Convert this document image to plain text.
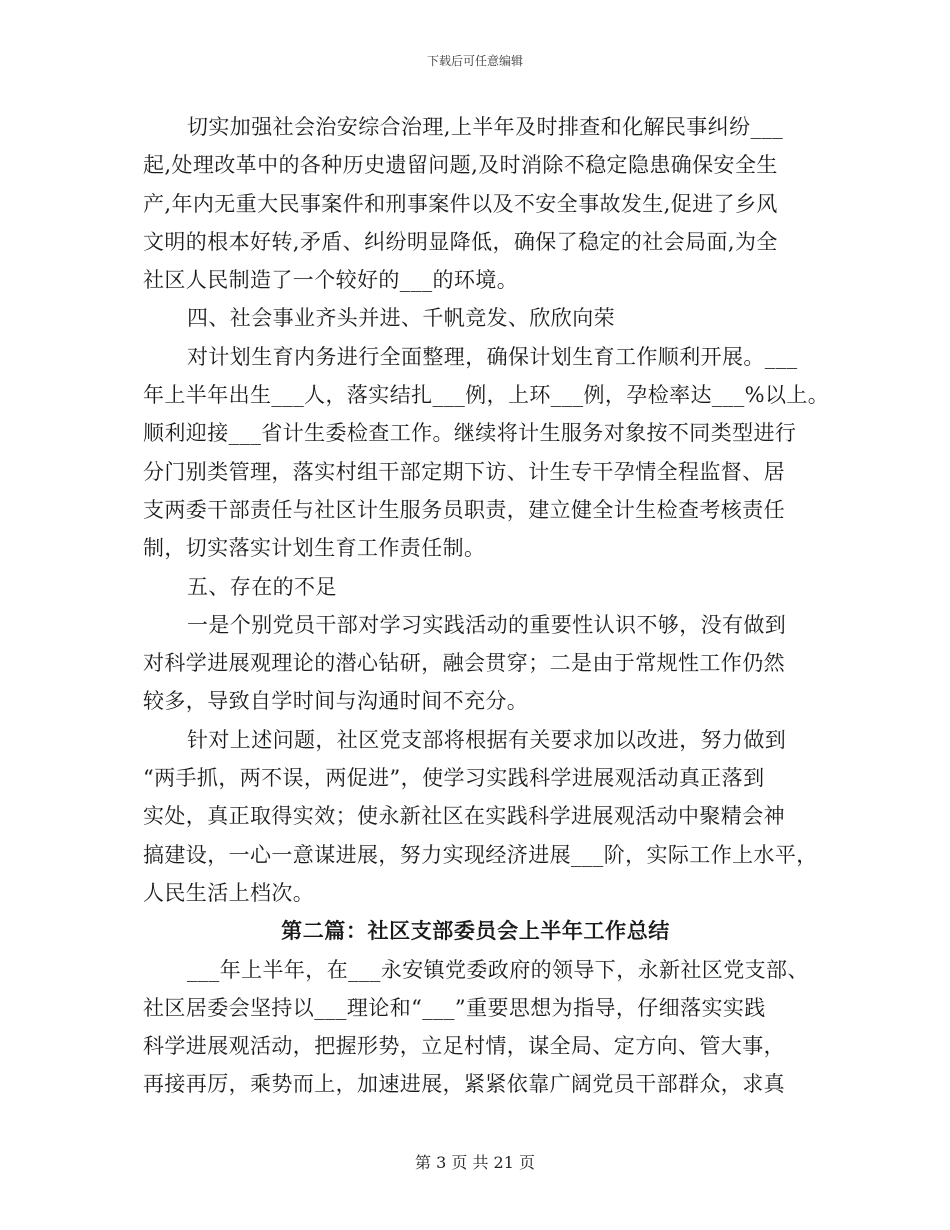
下载后可任意编辑
切实加强社会治安综合治理,上半年及时排查和化解民事纠纷___
起,处理改革中的各种历史遗留问题,及时消除不稳定隐患确保安全生
产,年内无重大民事案件和刑事案件以及不安全事故发生,促进了乡风
文明的根本好转,矛盾、纠纷明显降低，确保了稳定的社会局面,为全
社区人民制造了一个较好的___的环境。
四、社会事业齐头并进、千帆竞发、欣欣向荣
对计划生育内务进行全面整理，确保计划生育工作顺利开展。___
年上半年出生___人，落实结扎___例，上环___例，孕检率达___%以上。
顺利迎接___省计生委检查工作。继续将计生服务对象按不同类型进行
分门别类管理，落实村组干部定期下访、计生专干孕情全程监督、居
支两委干部责任与社区计生服务员职责，建立健全计生检查考核责任
制，切实落实计划生育工作责任制。
五、存在的不足
一是个别党员干部对学习实践活动的重要性认识不够，没有做到
对科学进展观理论的潜心钻研，融会贯穿；二是由于常规性工作仍然
较多，导致自学时间与沟通时间不充分。
针对上述问题，社区党支部将根据有关要求加以改进，努力做到
“两手抓，两不误，两促进”，使学习实践科学进展观活动真正落到
实处，真正取得实效；使永新社区在实践科学进展观活动中聚精会神
搞建设，一心一意谋进展，努力实现经济进展___阶，实际工作上水平，
人民生活上档次。
第二篇：社区支部委员会上半年工作总结
___年上半年，在___永安镇党委政府的领导下，永新社区党支部、
社区居委会坚持以___理论和“___”重要思想为指导，仔细落实实践
科学进展观活动，把握形势，立足村情，谋全局、定方向、管大事，
再接再厉，乘势而上，加速进展，紧紧依靠广阔党员干部群众，求真
第 3 页 共 21 页
